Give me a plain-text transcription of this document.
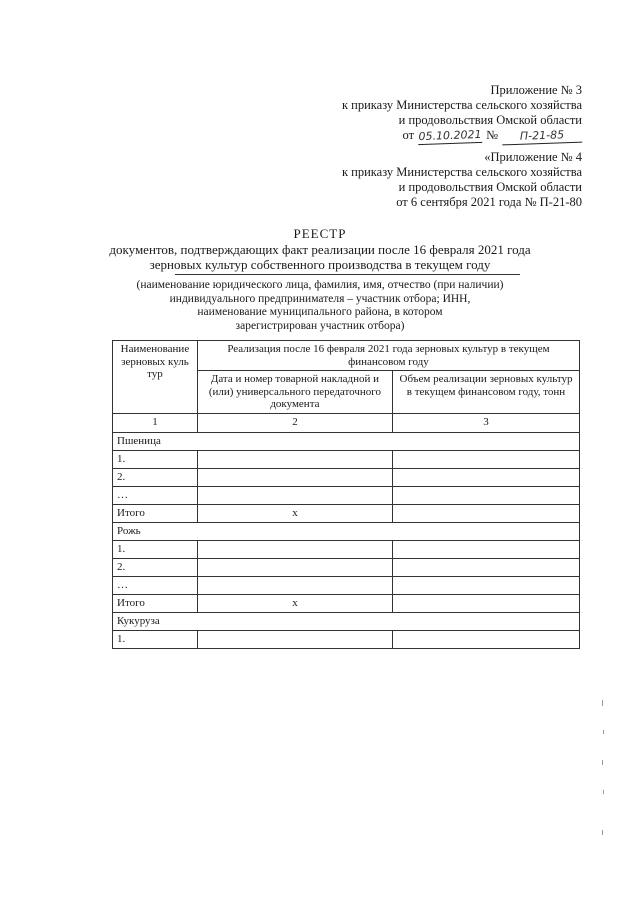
Приложение № 3
к приказу Министерства сельского хозяйства
и продовольствия Омской области
от 05.10.2021 №	П-21-85
«Приложение № 4
к приказу Министерства сельского хозяйства
и продовольствия Омской области
от 6 сентября 2021 года № П-21-80
РЕЕСТР
документов, подтверждающих факт реализации после 16 февраля 2021 года
зерновых культур собственного производства в текущем году
(наименование юридического лица, фамилия, имя, отчество (при наличии)
индивидуального предпринимателя – участник отбора; ИНН,
наименование муниципального района, в котором
зарегистрирован участник отбора)
Наименование зерновых куль тур	Реализация после 16 февраля 2021 года зерновых культур в текущем финансовом году	
	Дата и номер товарной накладной и (или) универсального передаточного документа	Объем реализации зерновых культур в текущем финансовом году, тонн
1	2	3
Пшеница		
1.		
2.		
…		
Итого	x	
Рожь		
1.		
2.		
…		
Итого	x	
Кукуруза		
1.		
